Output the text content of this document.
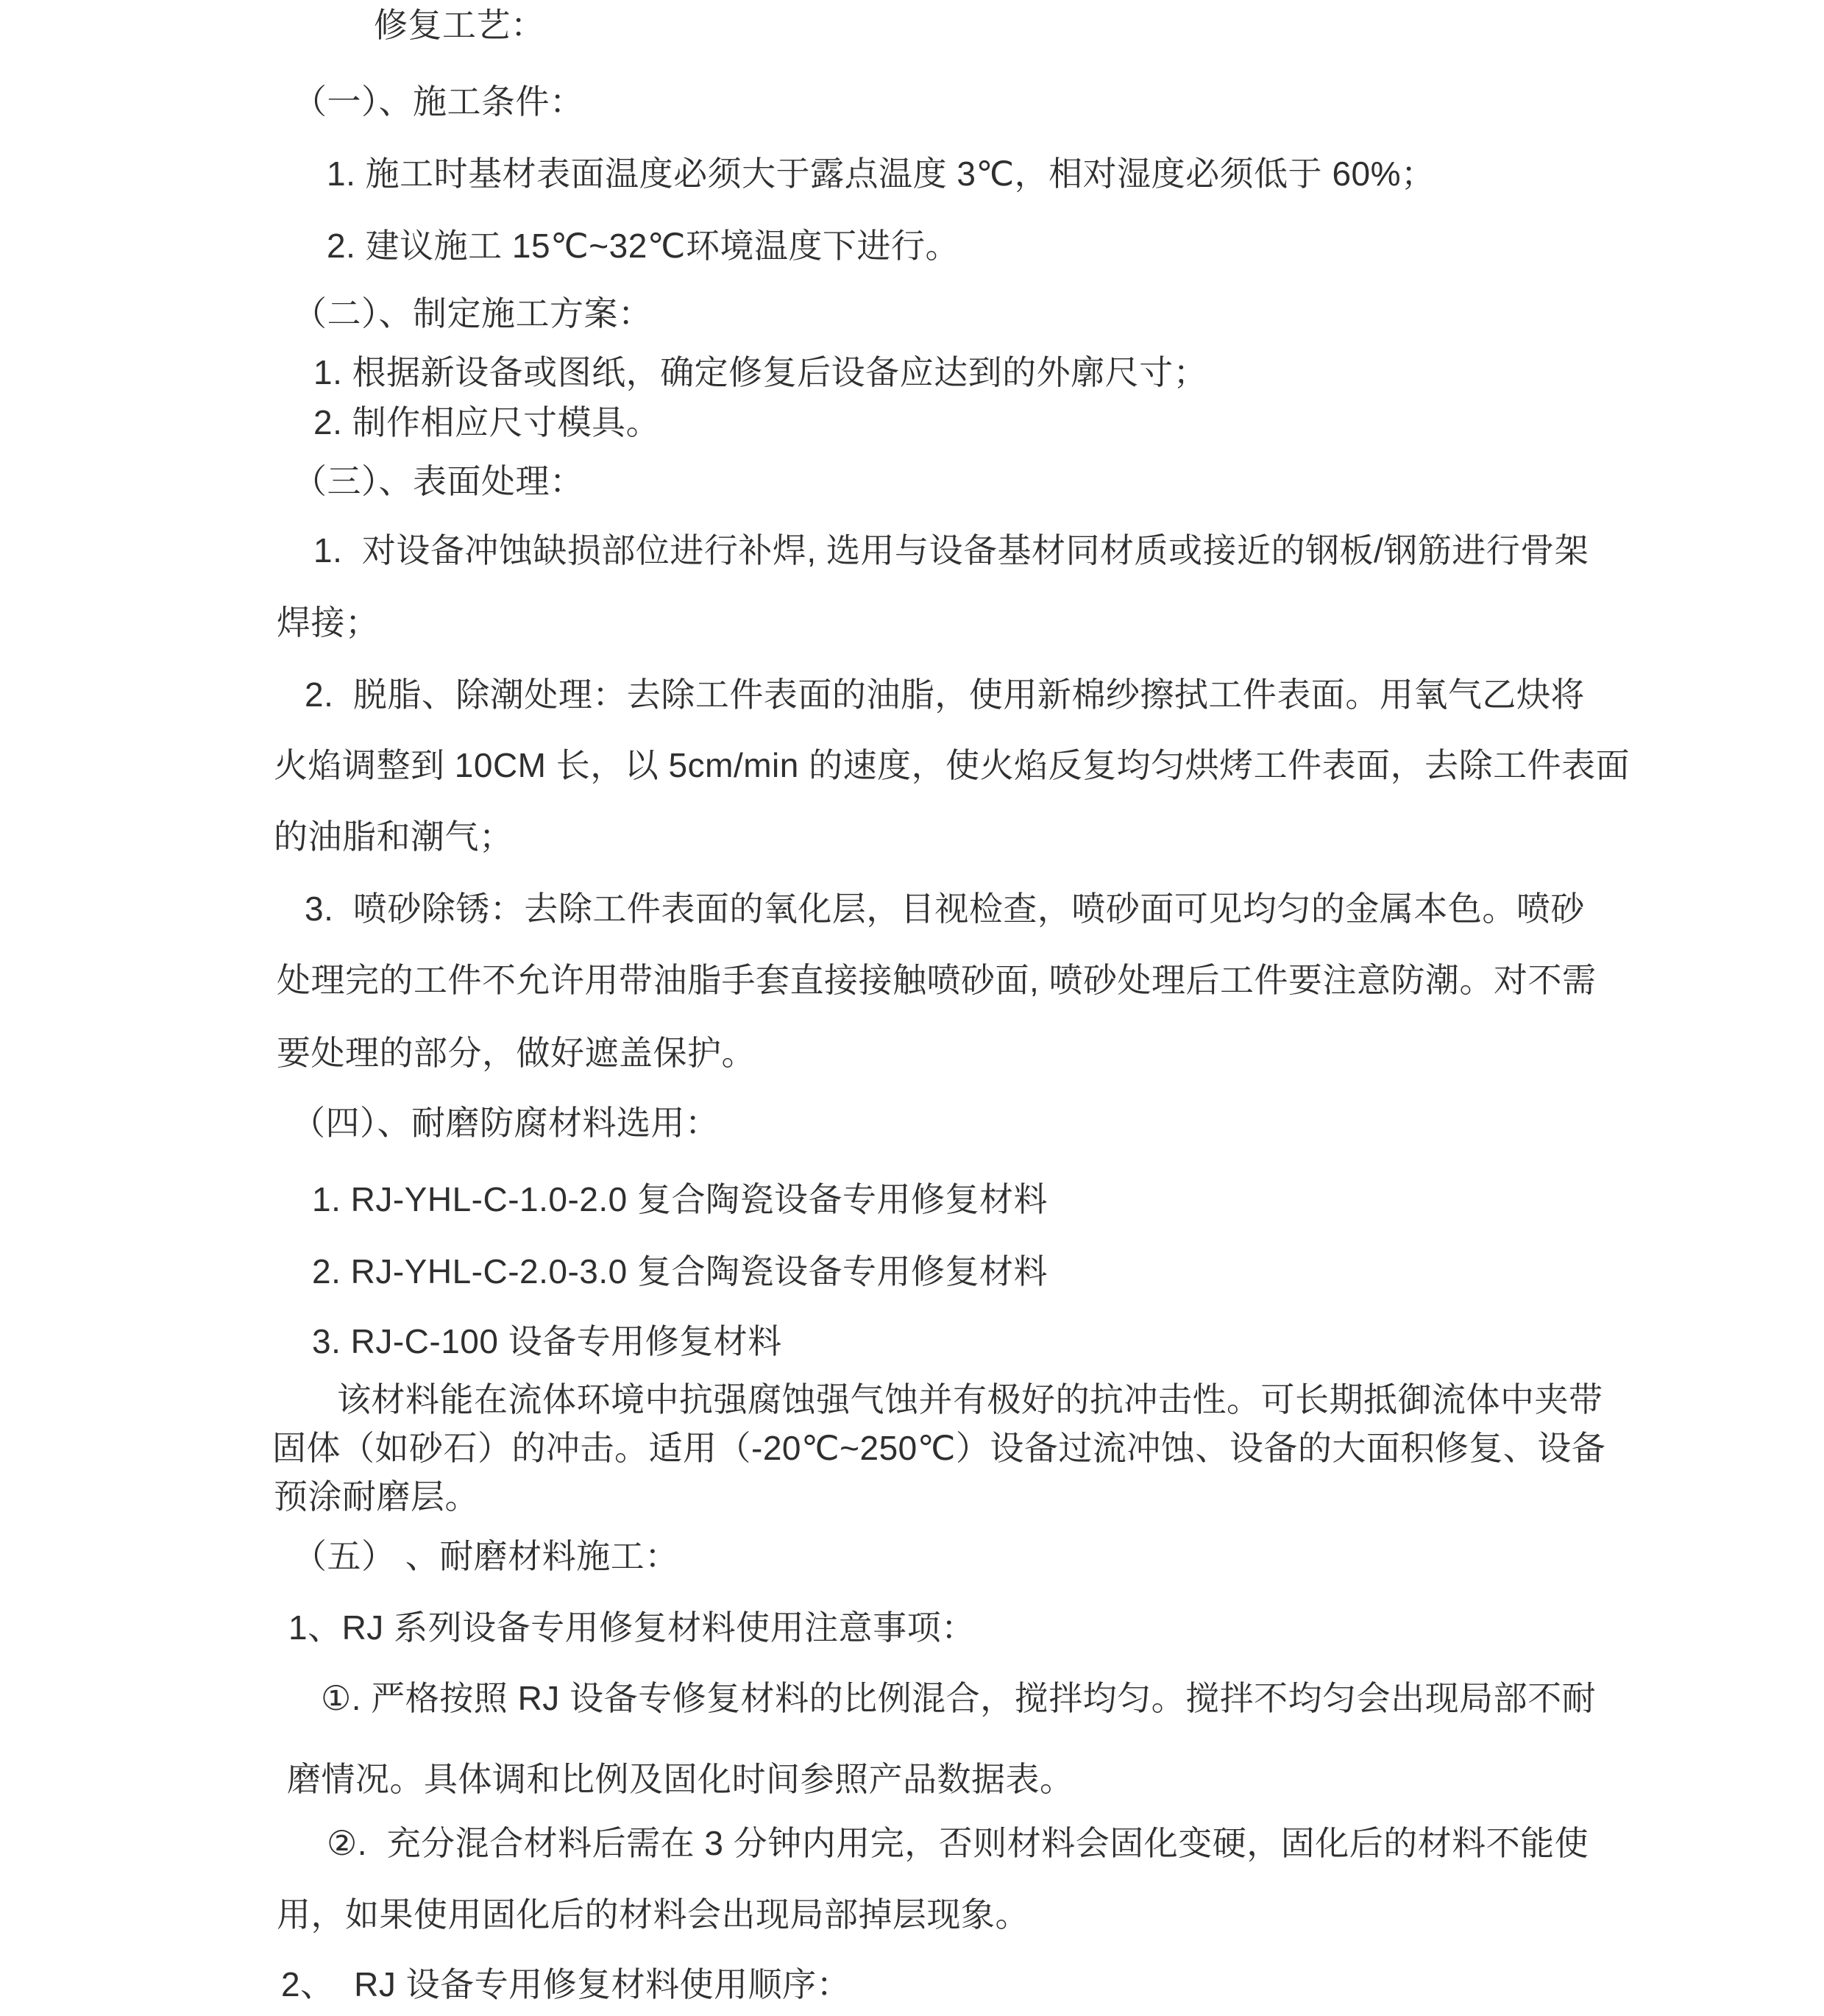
修复工艺：
（一）、施工条件：
1. 施工时基材表面温度必须大于露点温度 3℃，相对湿度必须低于 60%；
2. 建议施工 15℃~32℃环境温度下进行。
（二）、制定施工方案：
1. 根据新设备或图纸，确定修复后设备应达到的外廓尺寸；
2. 制作相应尺寸模具。
（三）、表面处理：
1.  对设备冲蚀缺损部位进行补焊, 选用与设备基材同材质或接近的钢板/钢筋进行骨架
焊接；
2.  脱脂、除潮处理：去除工件表面的油脂，使用新棉纱擦拭工件表面。用氧气乙炔将
火焰调整到 10CM 长，以 5cm/min 的速度，使火焰反复均匀烘烤工件表面，去除工件表面
的油脂和潮气；
3.  喷砂除锈：去除工件表面的氧化层，目视检查，喷砂面可见均匀的金属本色。喷砂
处理完的工件不允许用带油脂手套直接接触喷砂面, 喷砂处理后工件要注意防潮。对不需
要处理的部分，做好遮盖保护。
（四）、耐磨防腐材料选用：
1. RJ-YHL-C-1.0-2.0 复合陶瓷设备专用修复材料
2. RJ-YHL-C-2.0-3.0 复合陶瓷设备专用修复材料
3. RJ-C-100 设备专用修复材料
该材料能在流体环境中抗强腐蚀强气蚀并有极好的抗冲击性。可长期抵御流体中夹带
固体（如砂石）的冲击。适用（-20℃~250℃）设备过流冲蚀、设备的大面积修复、设备
预涂耐磨层。
（五） 、耐磨材料施工：
1、RJ 系列设备专用修复材料使用注意事项：
①. 严格按照 RJ 设备专修复材料的比例混合，搅拌均匀。搅拌不均匀会出现局部不耐
磨情况。具体调和比例及固化时间参照产品数据表。
②.  充分混合材料后需在 3 分钟内用完，否则材料会固化变硬，固化后的材料不能使
用，如果使用固化后的材料会出现局部掉层现象。
2、  RJ 设备专用修复材料使用顺序：
